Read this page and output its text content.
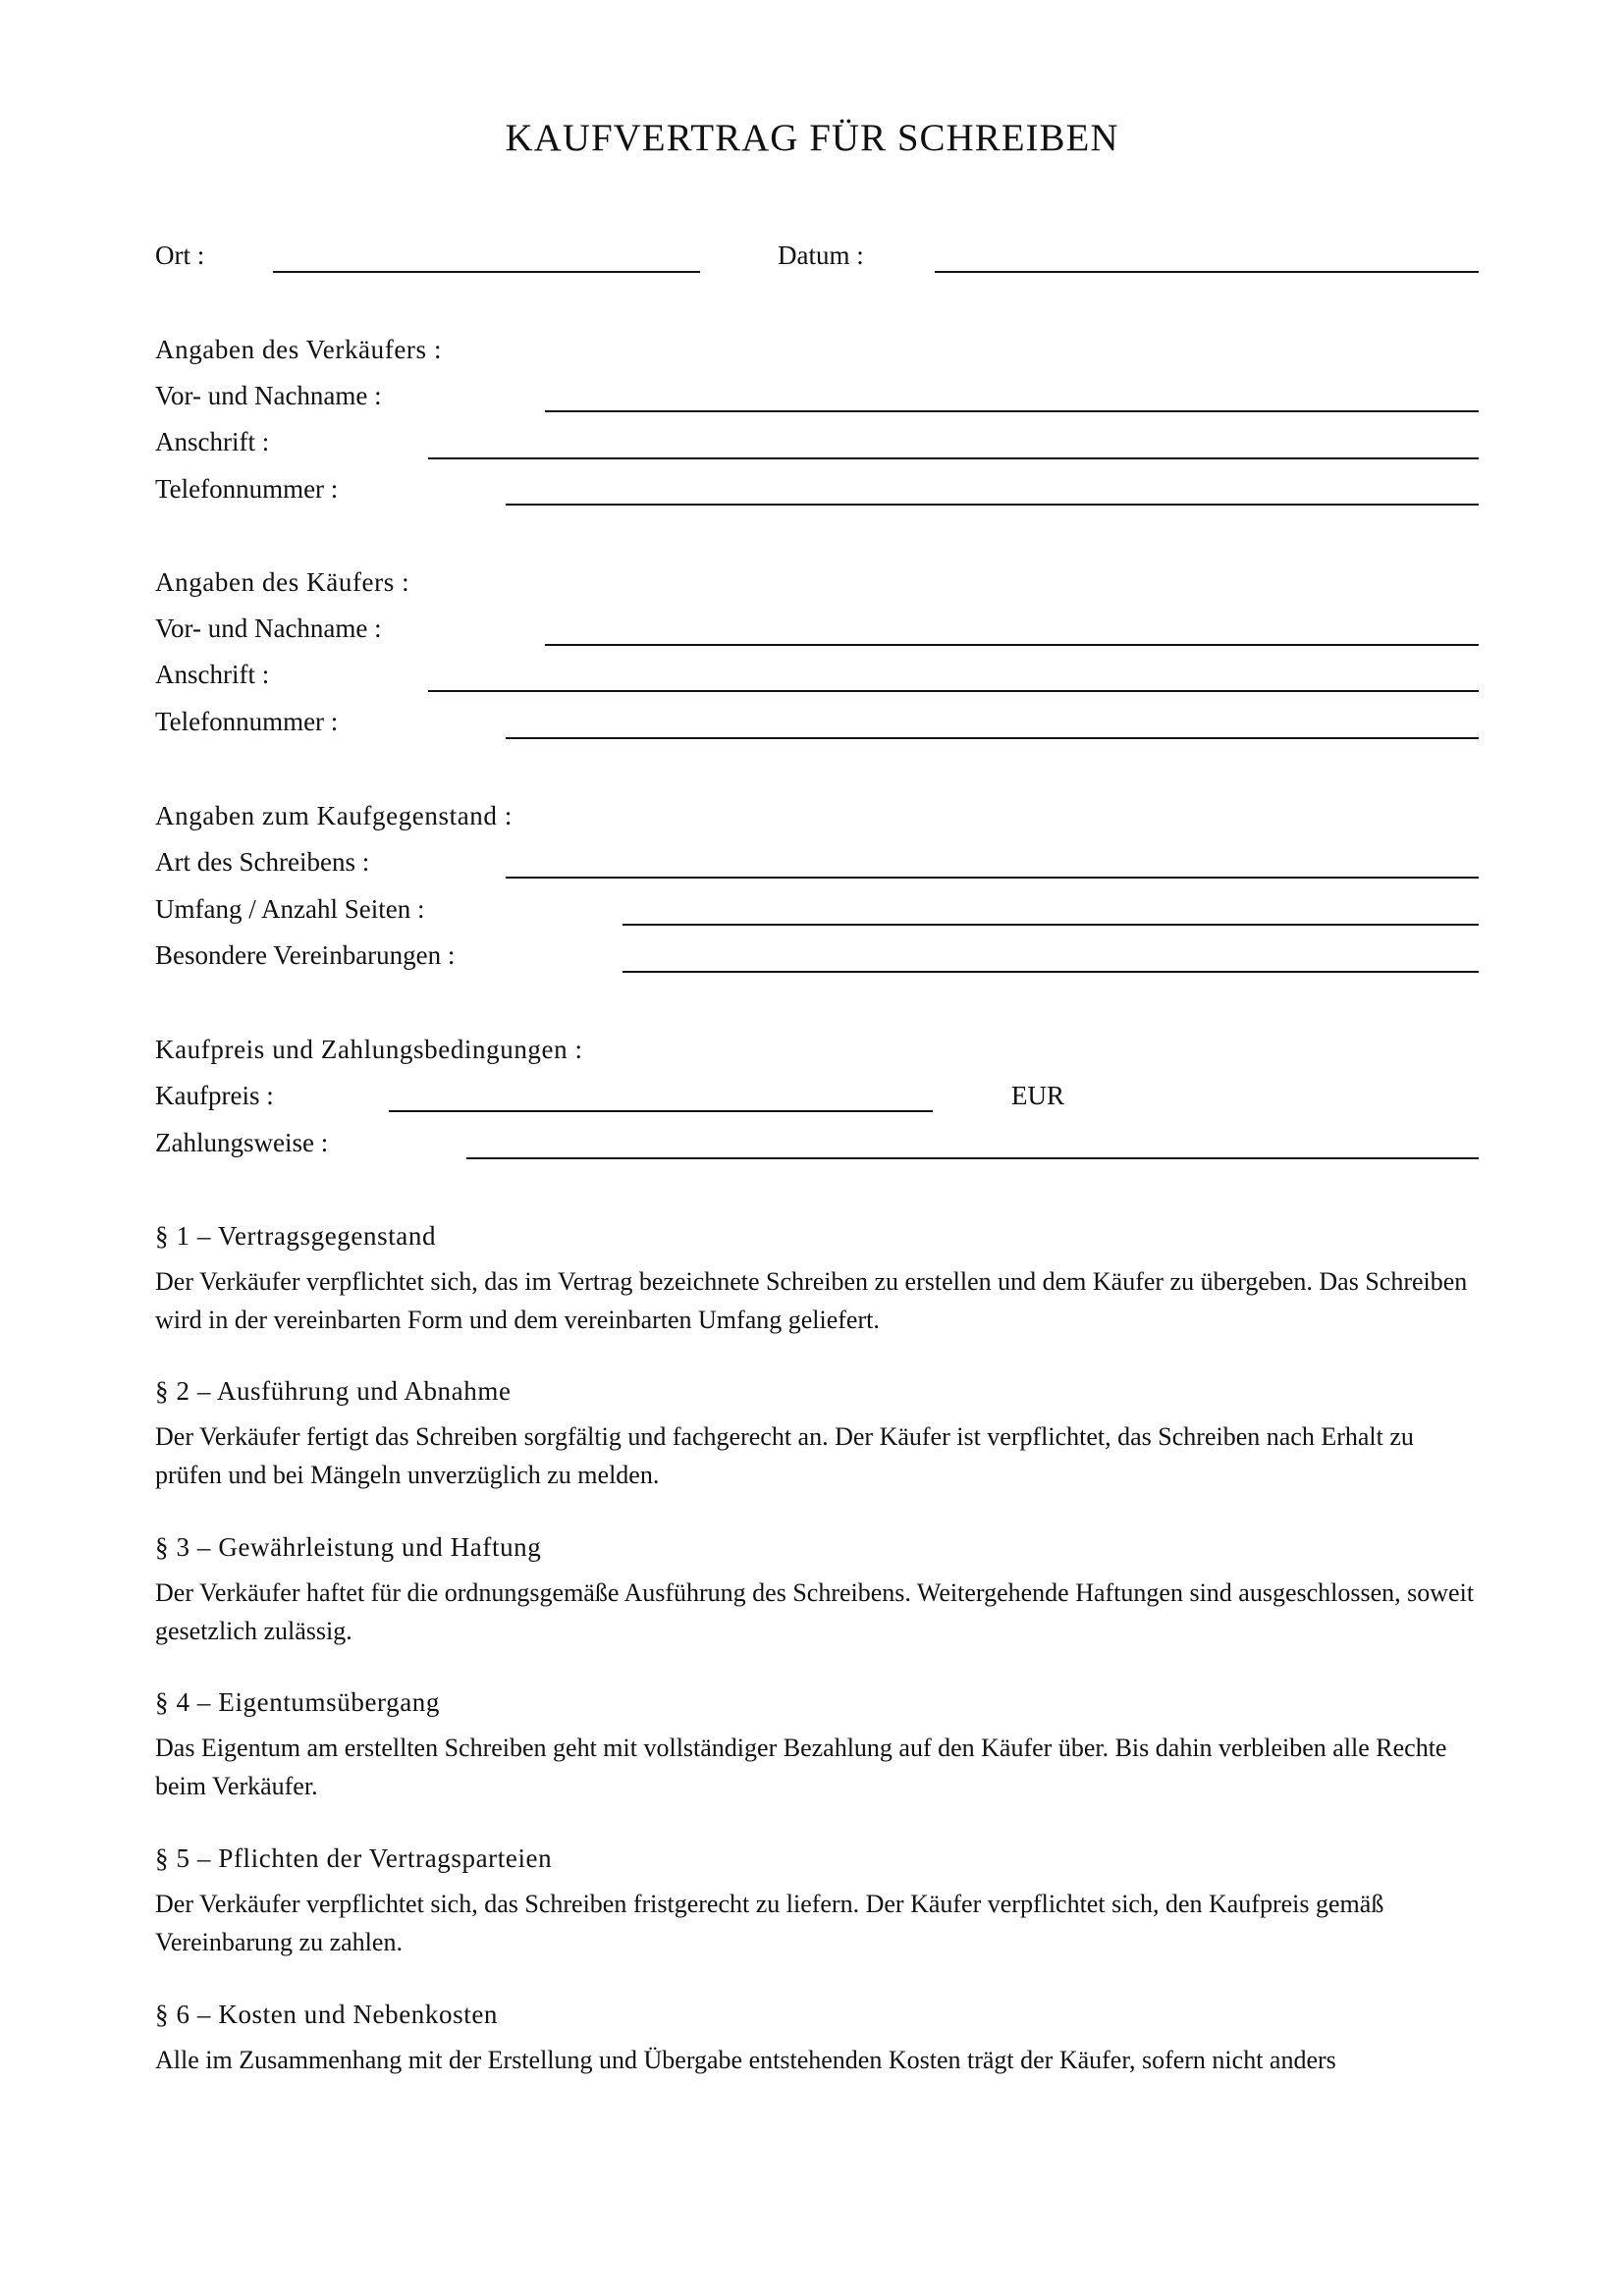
KAUFVERTRAG FÜR SCHREIBEN
Ort :	Datum :
Angaben des Verkäufers :
Vor- und Nachname :
Anschrift :
Telefonnummer :
Angaben des Käufers :
Vor- und Nachname :
Anschrift :
Telefonnummer :
Angaben zum Kaufgegenstand :
Art des Schreibens :
Umfang / Anzahl Seiten :
Besondere Vereinbarungen :
Kaufpreis und Zahlungsbedingungen :
Kaufpreis :	EUR
Zahlungsweise :
§ 1 – Vertragsgegenstand
Der Verkäufer verpflichtet sich, das im Vertrag bezeichnete Schreiben zu erstellen und dem Käufer zu übergeben. Das Schreiben wird in der vereinbarten Form und dem vereinbarten Umfang geliefert.
§ 2 – Ausführung und Abnahme
Der Verkäufer fertigt das Schreiben sorgfältig und fachgerecht an. Der Käufer ist verpflichtet, das Schreiben nach Erhalt zu prüfen und bei Mängeln unverzüglich zu melden.
§ 3 – Gewährleistung und Haftung
Der Verkäufer haftet für die ordnungsgemäße Ausführung des Schreibens. Weitergehende Haftungen sind ausgeschlossen, soweit gesetzlich zulässig.
§ 4 – Eigentumsübergang
Das Eigentum am erstellten Schreiben geht mit vollständiger Bezahlung auf den Käufer über. Bis dahin verbleiben alle Rechte beim Verkäufer.
§ 5 – Pflichten der Vertragsparteien
Der Verkäufer verpflichtet sich, das Schreiben fristgerecht zu liefern. Der Käufer verpflichtet sich, den Kaufpreis gemäß Vereinbarung zu zahlen.
§ 6 – Kosten und Nebenkosten
Alle im Zusammenhang mit der Erstellung und Übergabe entstehenden Kosten trägt der Käufer, sofern nicht anders
